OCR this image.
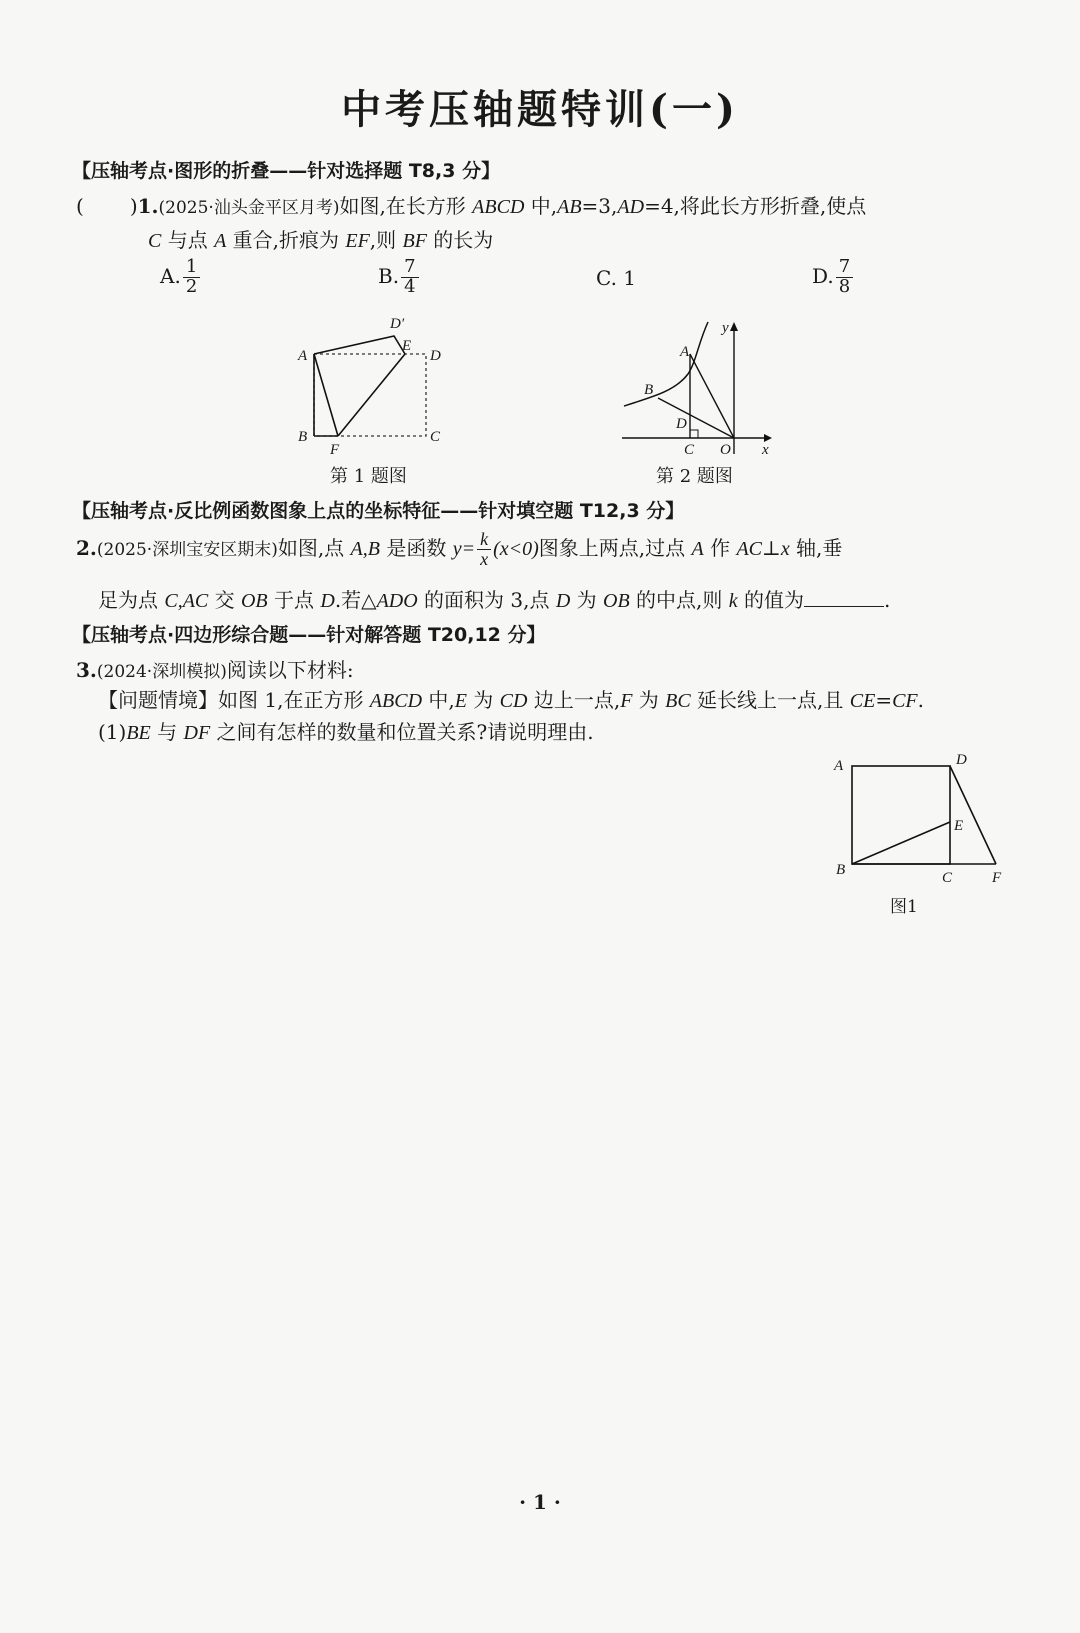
中考压轴题特训(一)
【压轴考点·图形的折叠——针对选择题 T8,3 分】
( )1.(2025·汕头金平区月考)如图,在长方形 ABCD 中,AB=3,AD=4,将此长方形折叠,使点
C 与点 A 重合,折痕为 EF,则 BF 的长为
A. $\frac{1}{2}$	B. $\frac{7}{4}$	C. 1	D. $\frac{7}{8}$
A
B	C
D
D′
E
F
第 1 题图
A
B
C
D
O x
y
第 2 题图
【压轴考点·反比例函数图象上点的坐标特征——针对填空题 T12,3 分】
2.(2025·深圳宝安区期末)如图,点 A,B 是函数 $y= \frac{k}{x} (x<0)$图象上两点,过点 A 作 AC⊥x 轴,垂
足为点 C,AC 交 OB 于点 D.若△ADO 的面积为 3,点 D 为 OB 的中点,则 k 的值为	.
【压轴考点·四边形综合题——针对解答题 T20,12 分】
3.(2024·深圳模拟)阅读以下材料:
【问题情境】如图 1,在正方形 ABCD 中,E 为 CD 边上一点,F 为 BC 延长线上一点,且 CE=CF.
(1)BE 与 DF 之间有怎样的数量和位置关系?请说明理由.
A
B	C
D
E
F
图1
· 1 ·
